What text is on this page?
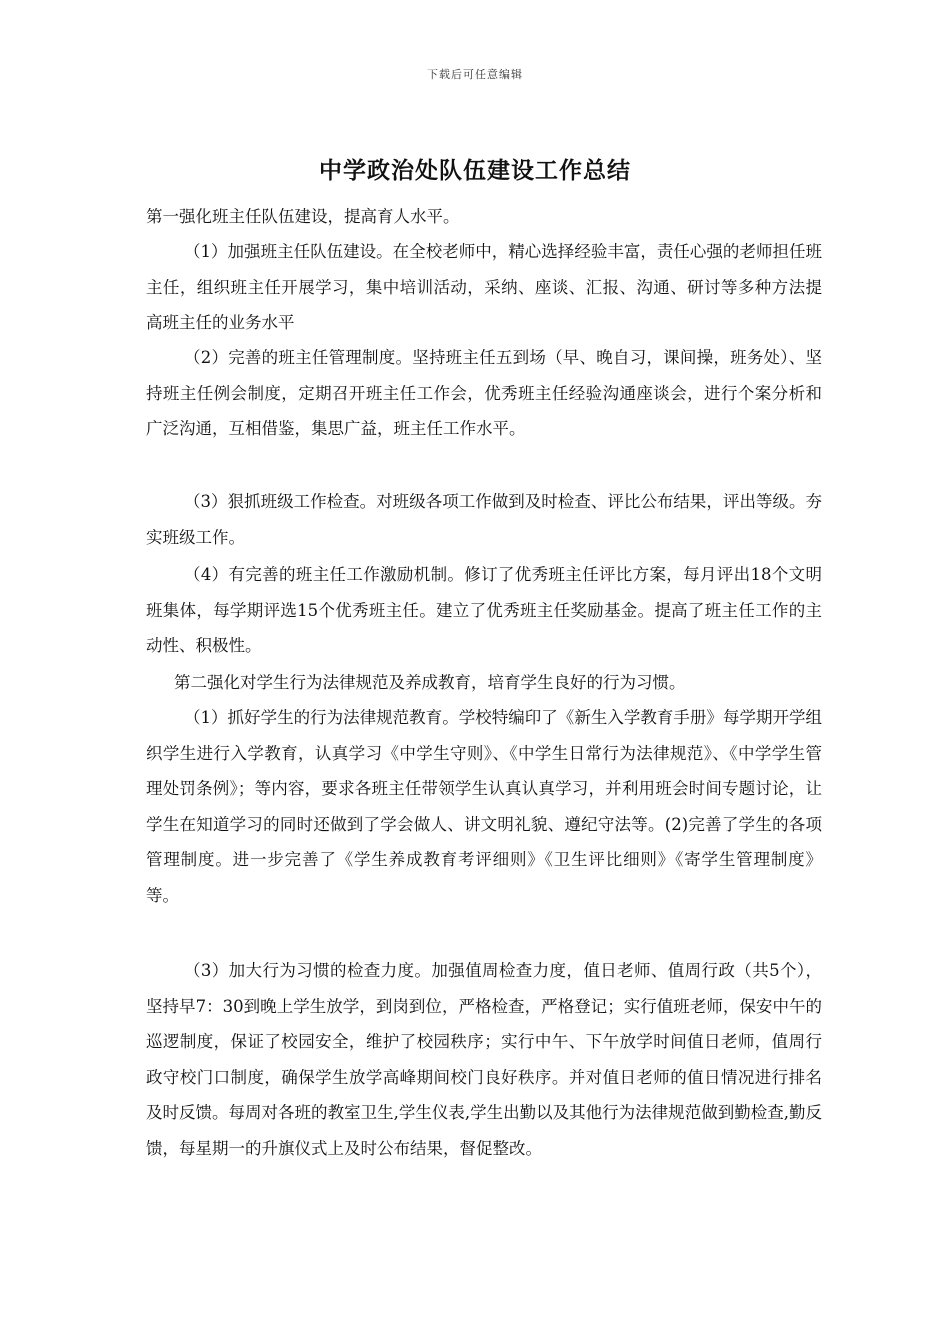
下载后可任意编辑
中学政治处队伍建设工作总结

第一强化班主任队伍建设，提高育人水平。

（1）加强班主任队伍建设。在全校老师中，精心选择经验丰富，责任心强的老师担任班主任，组织班主任开展学习，集中培训活动，采纳、座谈、汇报、沟通、研讨等多种方法提高班主任的业务水平

（2）完善的班主任管理制度。坚持班主任五到场（早、晚自习，课间操，班务处）、坚持班主任例会制度，定期召开班主任工作会，优秀班主任经验沟通座谈会，进行个案分析和广泛沟通，互相借鉴，集思广益，班主任工作水平。

（3）狠抓班级工作检查。对班级各项工作做到及时检查、评比公布结果，评出等级。夯实班级工作。

（4）有完善的班主任工作激励机制。修订了优秀班主任评比方案，每月评出18个文明班集体，每学期评选15个优秀班主任。建立了优秀班主任奖励基金。提高了班主任工作的主动性、积极性。

第二强化对学生行为法律规范及养成教育，培育学生良好的行为习惯。

（1）抓好学生的行为法律规范教育。学校特编印了《新生入学教育手册》每学期开学组织学生进行入学教育，认真学习《中学生守则》、《中学生日常行为法律规范》、《中学学生管理处罚条例》；等内容，要求各班主任带领学生认真认真学习，并利用班会时间专题讨论，让学生在知道学习的同时还做到了学会做人、讲文明礼貌、遵纪守法等。(2)完善了学生的各项管理制度。进一步完善了《学生养成教育考评细则》《卫生评比细则》《寄学生管理制度》等。

（3）加大行为习惯的检查力度。加强值周检查力度，值日老师、值周行政（共5个），坚持早7：30到晚上学生放学，到岗到位，严格检查，严格登记；实行值班老师，保安中午的巡逻制度，保证了校园安全，维护了校园秩序；实行中午、下午放学时间值日老师，值周行政守校门口制度，确保学生放学高峰期间校门良好秩序。并对值日老师的值日情况进行排名及时反馈。每周对各班的教室卫生,学生仪表,学生出勤以及其他行为法律规范做到勤检查,勤反馈，每星期一的升旗仪式上及时公布结果，督促整改。
